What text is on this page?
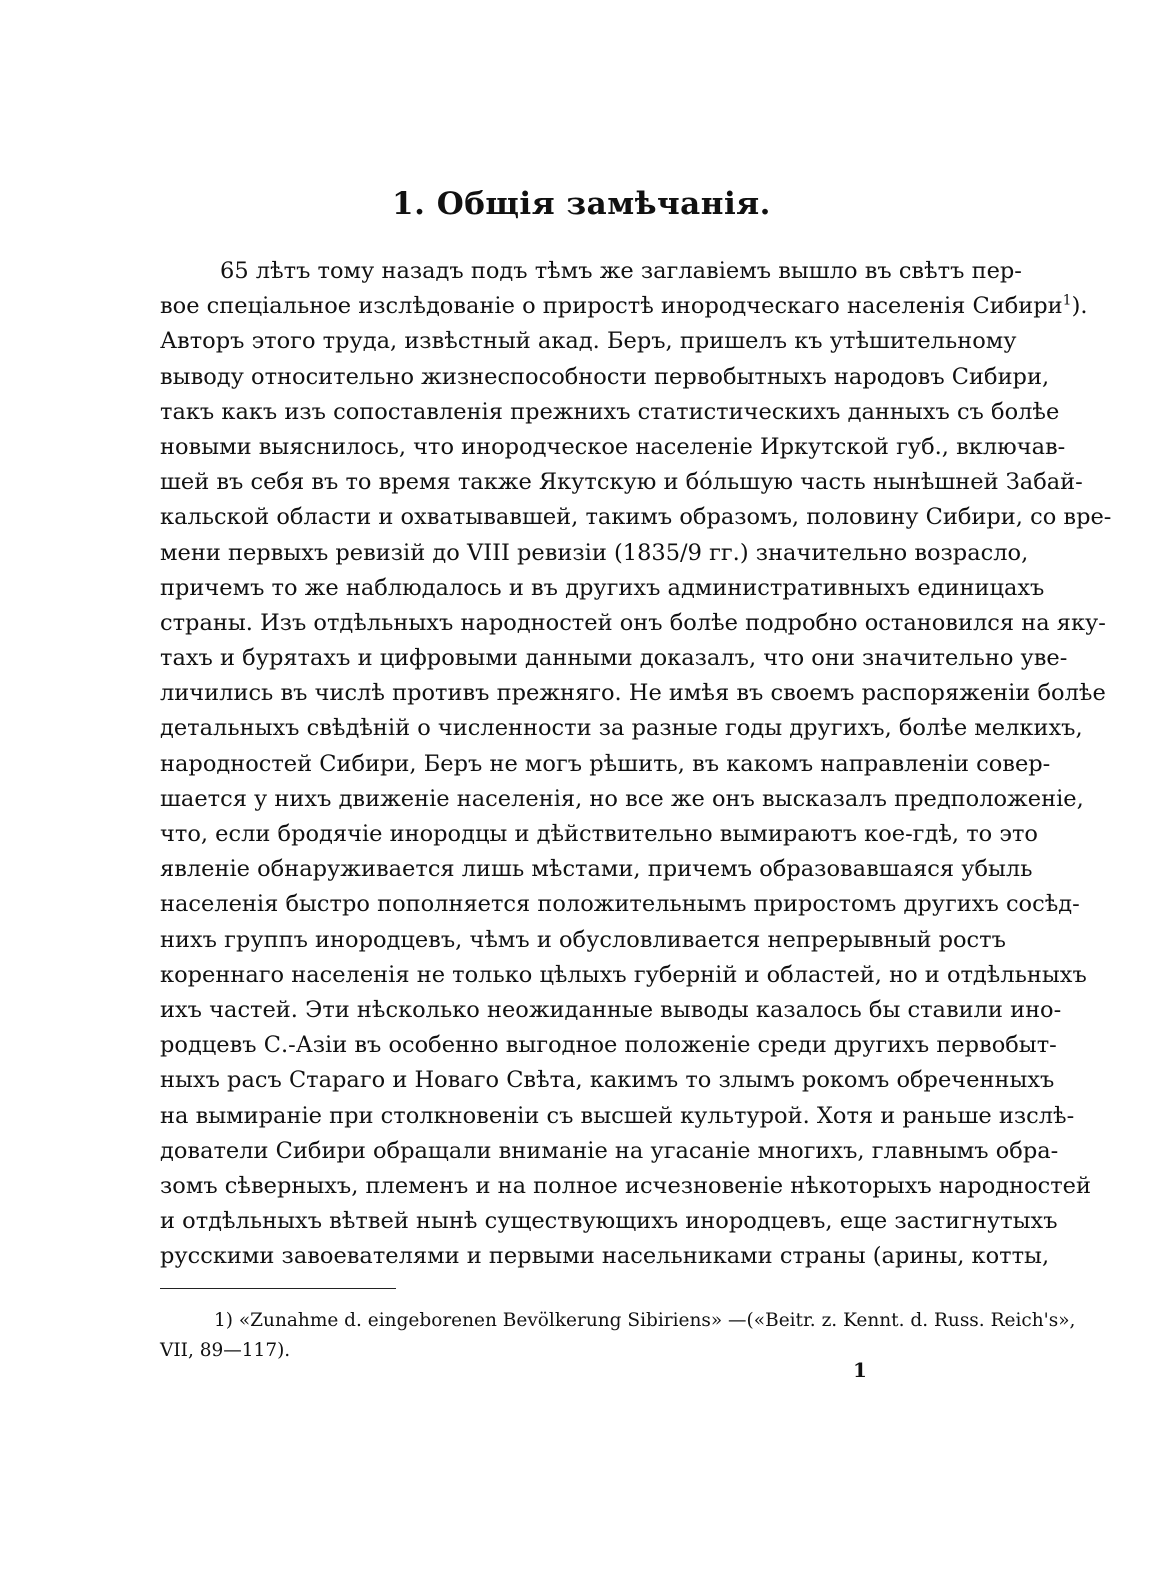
1. Общія замѣчанія.
65 лѣтъ тому назадъ подъ тѣмъ же заглавіемъ вышло въ свѣтъ пер-
вое спеціальное изслѣдованіе о приростѣ инородческаго населенія Сибири$^1$).
Авторъ этого труда, извѣстный акад. Беръ, пришелъ къ утѣшительному
выводу относительно жизнеспособности первобытныхъ народовъ Сибири,
такъ какъ изъ сопоставленія прежнихъ статистическихъ данныхъ съ болѣе
новыми выяснилось, что инородческое населеніе Иркутской губ., включав-
шей въ себя въ то время также Якутскую и бо́льшую часть нынѣшней Забай-
кальской области и охватывавшей, такимъ образомъ, половину Сибири, со вре-
мени первыхъ ревизій до VIII ревизіи (1835/9 гг.) значительно возрасло,
причемъ то же наблюдалось и въ другихъ административныхъ единицахъ
страны. Изъ отдѣльныхъ народностей онъ болѣе подробно остановился на яку-
тахъ и бурятахъ и цифровыми данными доказалъ, что они значительно уве-
личились въ числѣ противъ прежняго. Не имѣя въ своемъ распоряженіи болѣе
детальныхъ свѣдѣній о численности за разные годы другихъ, болѣе мелкихъ,
народностей Сибири, Беръ не могъ рѣшить, въ какомъ направленіи совер-
шается у нихъ движеніе населенія, но все же онъ высказалъ предположеніе,
что, если бродячіе инородцы и дѣйствительно вымираютъ кое-гдѣ, то это
явленіе обнаруживается лишь мѣстами, причемъ образовавшаяся убыль
населенія быстро пополняется положительнымъ приростомъ другихъ сосѣд-
нихъ группъ инородцевъ, чѣмъ и обусловливается непрерывный ростъ
кореннаго населенія не только цѣлыхъ губерній и областей, но и отдѣльныхъ
ихъ частей. Эти нѣсколько неожиданные выводы казалось бы ставили ино-
родцевъ С.-Азіи въ особенно выгодное положеніе среди другихъ первобыт-
ныхъ расъ Стараго и Новаго Свѣта, какимъ то злымъ рокомъ обреченныхъ
на вымираніе при столкновеніи съ высшей культурой. Хотя и раньше изслѣ-
дователи Сибири обращали вниманіе на угасаніе многихъ, главнымъ обра-
зомъ сѣверныхъ, племенъ и на полное исчезновеніе нѣкоторыхъ народностей
и отдѣльныхъ вѣтвей нынѣ существующихъ инородцевъ, еще застигнутыхъ
русскими завоевателями и первыми насельниками страны (арины, котты,
1) «Zunahme d. eingeborenen Bevölkerung Sibiriens» —(«Beitr. z. Kennt. d. Russ. Reich's»,
VII, 89—117).
1
